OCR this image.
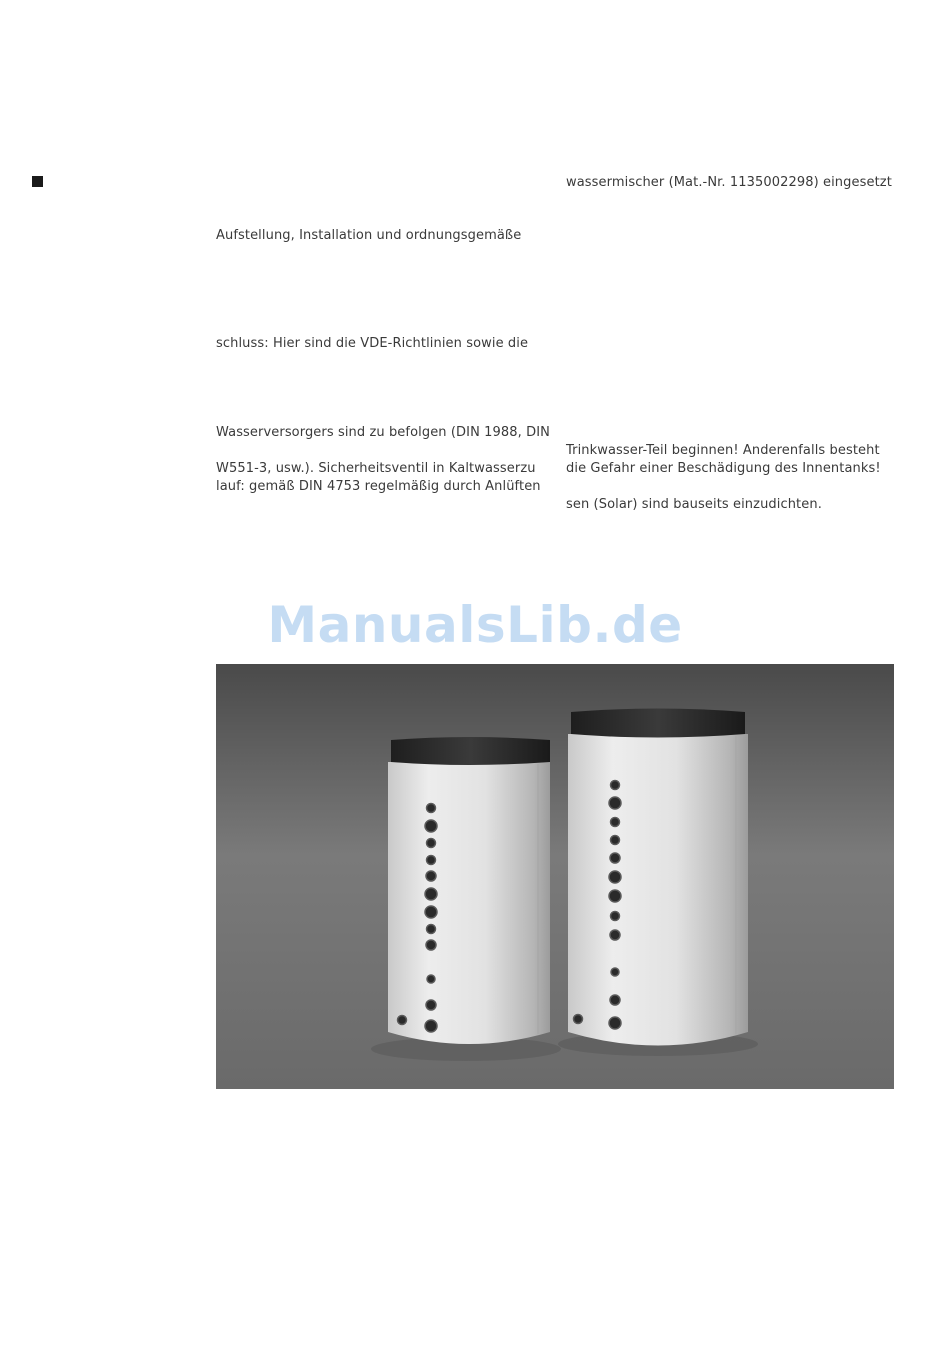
Aufstellung, Installation und ordnungsgemäße
schluss: Hier sind die VDE-Richtlinien sowie die
Wasserversorgers sind zu befolgen (DIN 1988, DIN
W551-3, usw.). Sicherheitsventil in Kaltwasserzu
lauf: gemäß DIN 4753 regelmäßig durch Anlüften
wassermischer (Mat.-Nr. 1135002298) eingesetzt
Trinkwasser-Teil beginnen! Anderenfalls besteht
die Gefahr einer Beschädigung des Innentanks!
sen (Solar) sind bauseits einzudichten.
ManualsLib.de
